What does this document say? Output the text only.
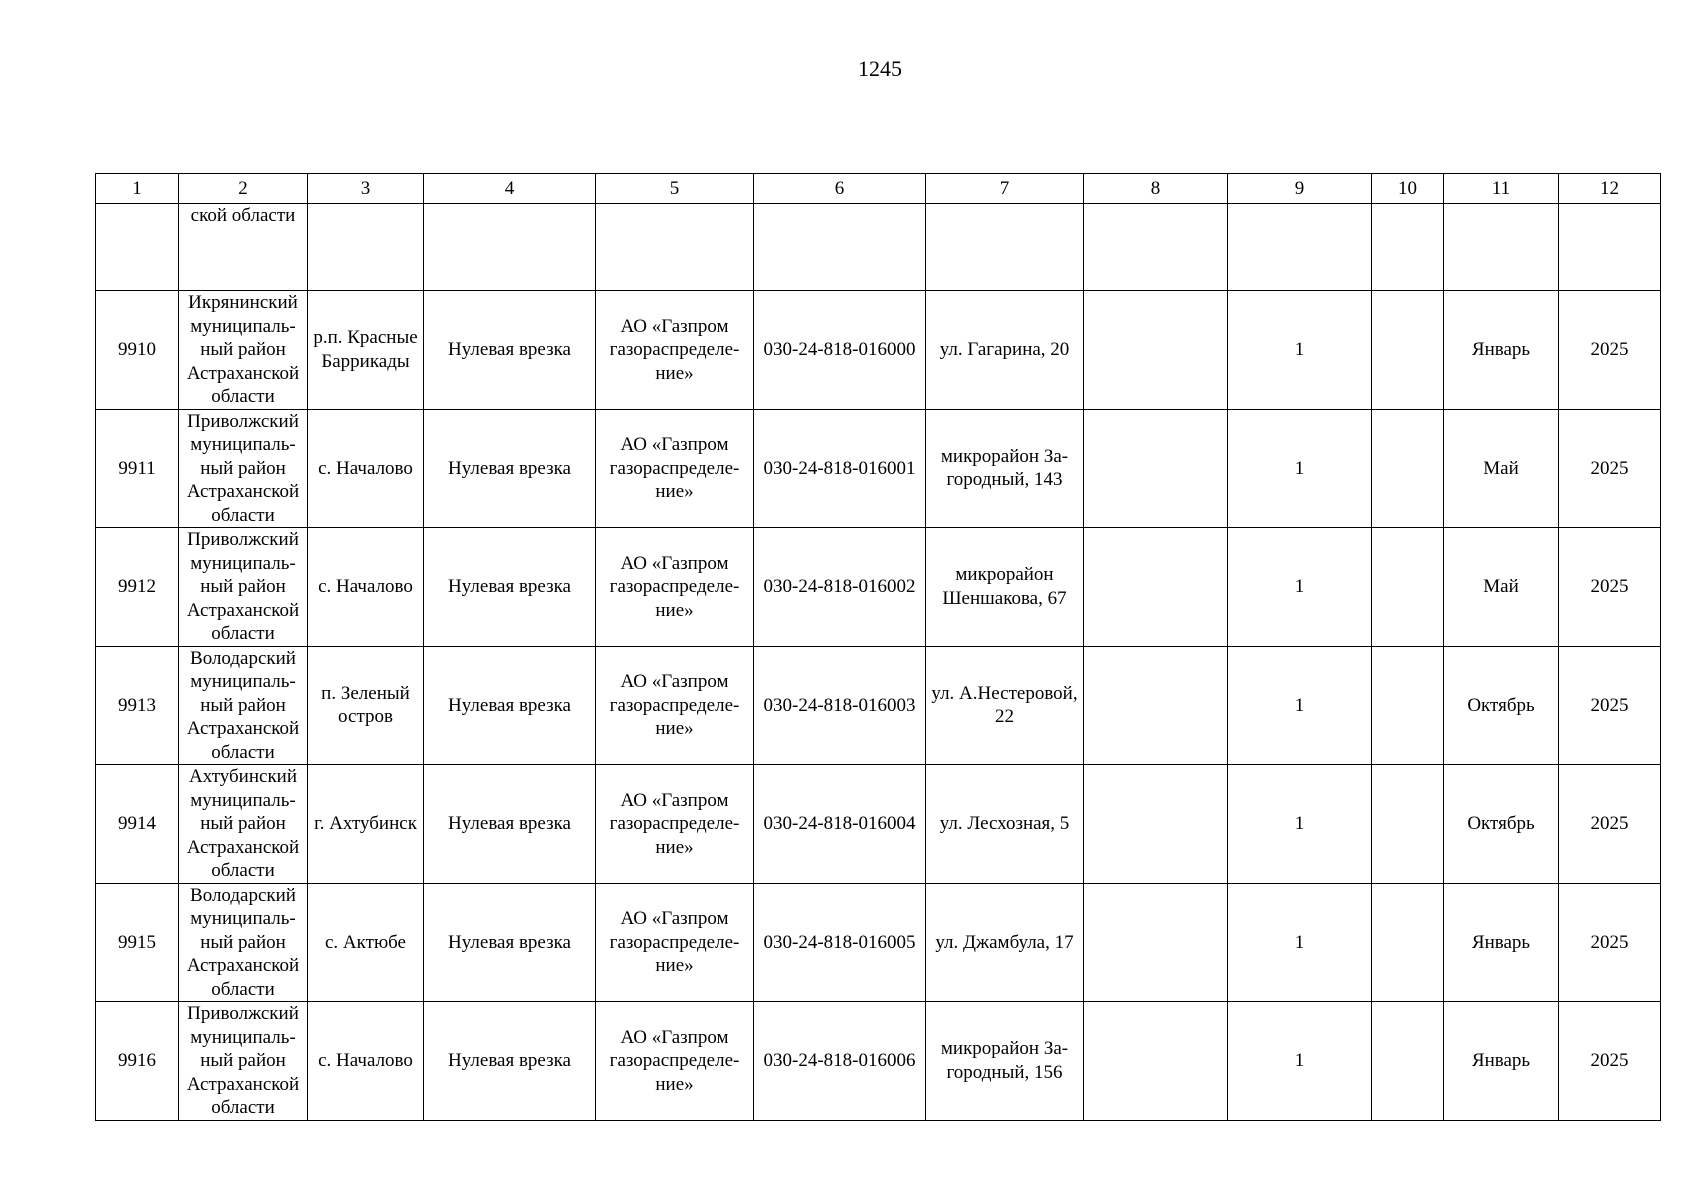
1245
1	2	3	4	5	6	7	8	9	10	11	12
	ской области										
9910	Икрянинский
муниципаль-
ный район
Астраханской
области	р.п. Красные
Баррикады	Нулевая врезка	АО «Газпром
газораспределе-
ние»	030-24-818-016000	ул. Гагарина, 20		1		Январь	2025
9911	Приволжский
муниципаль-
ный район
Астраханской
области	с. Началово	Нулевая врезка	АО «Газпром
газораспределе-
ние»	030-24-818-016001	микрорайон За-
городный, 143		1		Май	2025
9912	Приволжский
муниципаль-
ный район
Астраханской
области	с. Началово	Нулевая врезка	АО «Газпром
газораспределе-
ние»	030-24-818-016002	микрорайон
Шеншакова, 67		1		Май	2025
9913	Володарский
муниципаль-
ный район
Астраханской
области	п. Зеленый
остров	Нулевая врезка	АО «Газпром
газораспределе-
ние»	030-24-818-016003	ул. А.Нестеровой,
22		1		Октябрь	2025
9914	Ахтубинский
муниципаль-
ный район
Астраханской
области	г. Ахтубинск	Нулевая врезка	АО «Газпром
газораспределе-
ние»	030-24-818-016004	ул. Лесхозная, 5		1		Октябрь	2025
9915	Володарский
муниципаль-
ный район
Астраханской
области	с. Актюбе	Нулевая врезка	АО «Газпром
газораспределе-
ние»	030-24-818-016005	ул. Джамбула, 17		1		Январь	2025
9916	Приволжский
муниципаль-
ный район
Астраханской
области	с. Началово	Нулевая врезка	АО «Газпром
газораспределе-
ние»	030-24-818-016006	микрорайон За-
городный, 156		1		Январь	2025
